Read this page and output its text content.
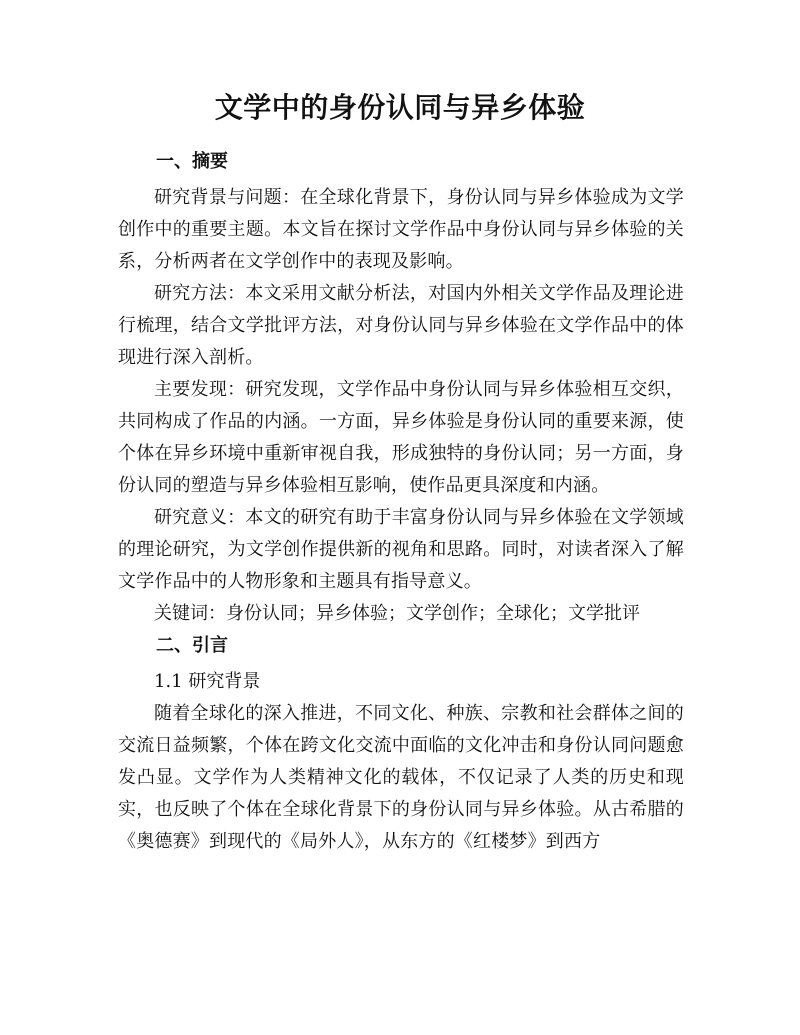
文学中的身份认同与异乡体验
一、摘要

研究背景与问题：在全球化背景下，身份认同与异乡体验成为文学创作中的重要主题。本文旨在探讨文学作品中身份认同与异乡体验的关系，分析两者在文学创作中的表现及影响。

研究方法：本文采用文献分析法，对国内外相关文学作品及理论进行梳理，结合文学批评方法，对身份认同与异乡体验在文学作品中的体现进行深入剖析。

主要发现：研究发现，文学作品中身份认同与异乡体验相互交织，共同构成了作品的内涵。一方面，异乡体验是身份认同的重要来源，使个体在异乡环境中重新审视自我，形成独特的身份认同；另一方面，身份认同的塑造与异乡体验相互影响，使作品更具深度和内涵。

研究意义：本文的研究有助于丰富身份认同与异乡体验在文学领域的理论研究，为文学创作提供新的视角和思路。同时，对读者深入了解文学作品中的人物形象和主题具有指导意义。

关键词：身份认同；异乡体验；文学创作；全球化；文学批评

二、引言

1.1 研究背景

随着全球化的深入推进，不同文化、种族、宗教和社会群体之间的交流日益频繁，个体在跨文化交流中面临的文化冲击和身份认同问题愈发凸显。文学作为人类精神文化的载体，不仅记录了人类的历史和现实，也反映了个体在全球化背景下的身份认同与异乡体验。从古希腊的《奥德赛》到现代的《局外人》，从东方的《红楼梦》到西方
